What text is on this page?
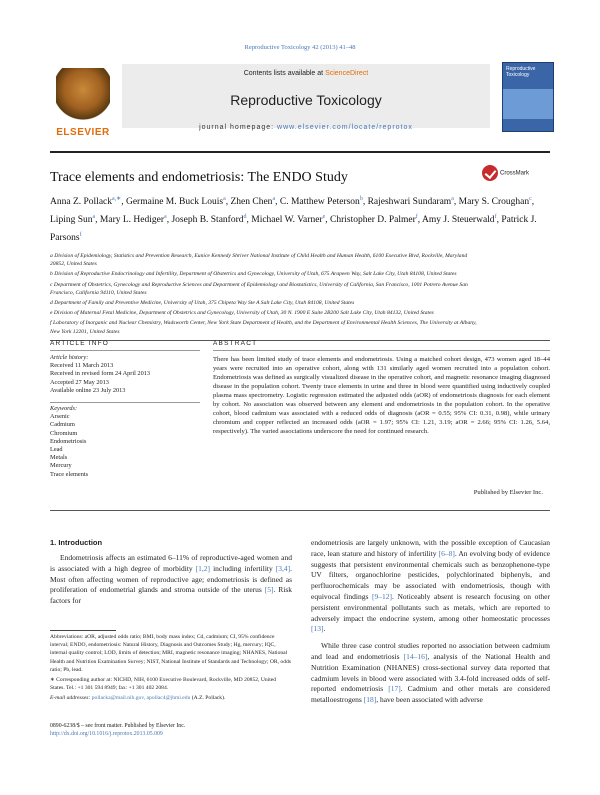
Reproductive Toxicology 42 (2013) 41–48
ELSEVIER
Contents lists available at ScienceDirect
Reproductive Toxicology
journal homepage: www.elsevier.com/locate/reprotox
Reproductive Toxicology
Trace elements and endometriosis: The ENDO Study	CrossMark
Anna Z. Pollack$^{a,∗}$, Germaine M. Buck Louis$^a$, Zhen Chen$^a$, C. Matthew Peterson$^b$, Rajeshwari Sundaram$^a$, Mary S. Croughan$^c$, Liping Sun$^a$, Mary L. Hediger$^a$, Joseph B. Stanford$^d$, Michael W. Varner$^e$, Christopher D. Palmer$^f$, Amy J. Steuerwald$^f$, Patrick J. Parsons$^f$

a Division of Epidemiology, Statistics and Prevention Research, Eunice Kennedy Shriver National Institute of Child Health and Human Health, 6100 Executive Blvd, Rockville, Maryland 20852, United States

b Division of Reproductive Endocrinology and Infertility, Department of Obstetrics and Gynecology, University of Utah, 675 Arapeen Way, Salt Lake City, Utah 84108, United States

c Department of Obstetrics, Gynecology and Reproductive Sciences and Department of Epidemiology and Biostatistics, University of California, San Francisco, 1001 Potrero Avenue San Francisco, California 94110, United States

d Department of Family and Preventive Medicine, University of Utah, 375 Chipeta Way Ste A Salt Lake City, Utah 84108, United States

e Division of Maternal Fetal Medicine, Department of Obstetrics and Gynecology, University of Utah, 30 N. 1900 E Suite 2B200 Salt Lake City, Utah 84132, United States

f Laboratory of Inorganic and Nuclear Chemistry, Wadsworth Center, New York State Department of Health, and the Department of Environmental Health Sciences, The University at Albany, New York 12201, United States

ARTICLE INFO	ABSTRACT
Article history:
Received 11 March 2013
Received in revised form 24 April 2013
Accepted 27 May 2013
Available online 23 July 2013
Keywords:
Arsenic
Cadmium
Chromium
Endometriosis
Lead
Metals
Mercury
Trace elements
There has been limited study of trace elements and endometriosis. Using a matched cohort design, 473 women aged 18–44 years were recruited into an operative cohort, along with 131 similarly aged women recruited into a population cohort. Endometriosis was defined as surgically visualized disease in the operative cohort, and magnetic resonance imaging diagnosed disease in the population cohort. Twenty trace elements in urine and three in blood were quantified using inductively coupled plasma mass spectrometry. Logistic regression estimated the adjusted odds (aOR) of endometriosis diagnosis for each element by cohort. No association was observed between any element and endometriosis in the population cohort. In the operative cohort, blood cadmium was associated with a reduced odds of diagnosis (aOR = 0.55; 95% CI: 0.31, 0.98), while urinary chromium and copper reflected an increased odds (aOR = 1.97; 95% CI: 1.21, 3.19; aOR = 2.66; 95% CI: 1.26, 5.64, respectively). The varied associations underscore the need for continued research.
Published by Elsevier Inc.
1. Introduction

Endometriosis affects an estimated 6–11% of reproductive-aged women and is associated with a high degree of morbidity [1,2] including infertility [3,4]. Most often affecting women of reproductive age; endometriosis is defined as proliferation of endometrial glands and stroma outside of the uterus [5]. Risk factors for

Abbreviations: aOR, adjusted odds ratio; BMI, body mass index; Cd, cadmium; CI, 95% confidence interval; ENDO, endometriosis: Natural History, Diagnosis and Outcomes Study; Hg, mercury; IQC, internal quality control; LOD, limits of detection; MRI, magnetic resonance imaging; NHANES, National Health and Nutrition Examination Survey; NIST, National Institute of Standards and Technology; OR, odds ratio; Pb, lead.

∗ Corresponding author at: NICHD, NIH, 6100 Executive Boulevard, Rockville, MD 20852, United States. Tel.: +1 301 594 8949; fax: +1 301 402 2084.

E-mail addresses: pollacka@mail.nih.gov, apollac4@jhmi.edu (A.Z. Pollack).

endometriosis are largely unknown, with the possible exception of Caucasian race, lean stature and history of infertility [6–8]. An evolving body of evidence suggests that persistent environmental chemicals such as benzophenone-type UV filters, organochlorine pesticides, polychlorinated biphenyls, and perfluorochemicals may be associated with endometriosis, though with equivocal findings [9–12]. Noticeably absent is research focusing on other persistent environmental pollutants such as metals, which are reported to adversely impact the endocrine system, among other homeostatic processes [13].

While three case control studies reported no association between cadmium and lead and endometriosis [14–16], analysis of the National Health and Nutrition Examination (NHANES) cross-sectional survey data reported that cadmium levels in blood were associated with 3.4-fold increased odds of self-reported endometriosis [17]. Cadmium and other metals are considered metalloestrogens [18], have been associated with adverse

0890-6238/$ – see front matter. Published by Elsevier Inc.
http://dx.doi.org/10.1016/j.reprotox.2013.05.009
